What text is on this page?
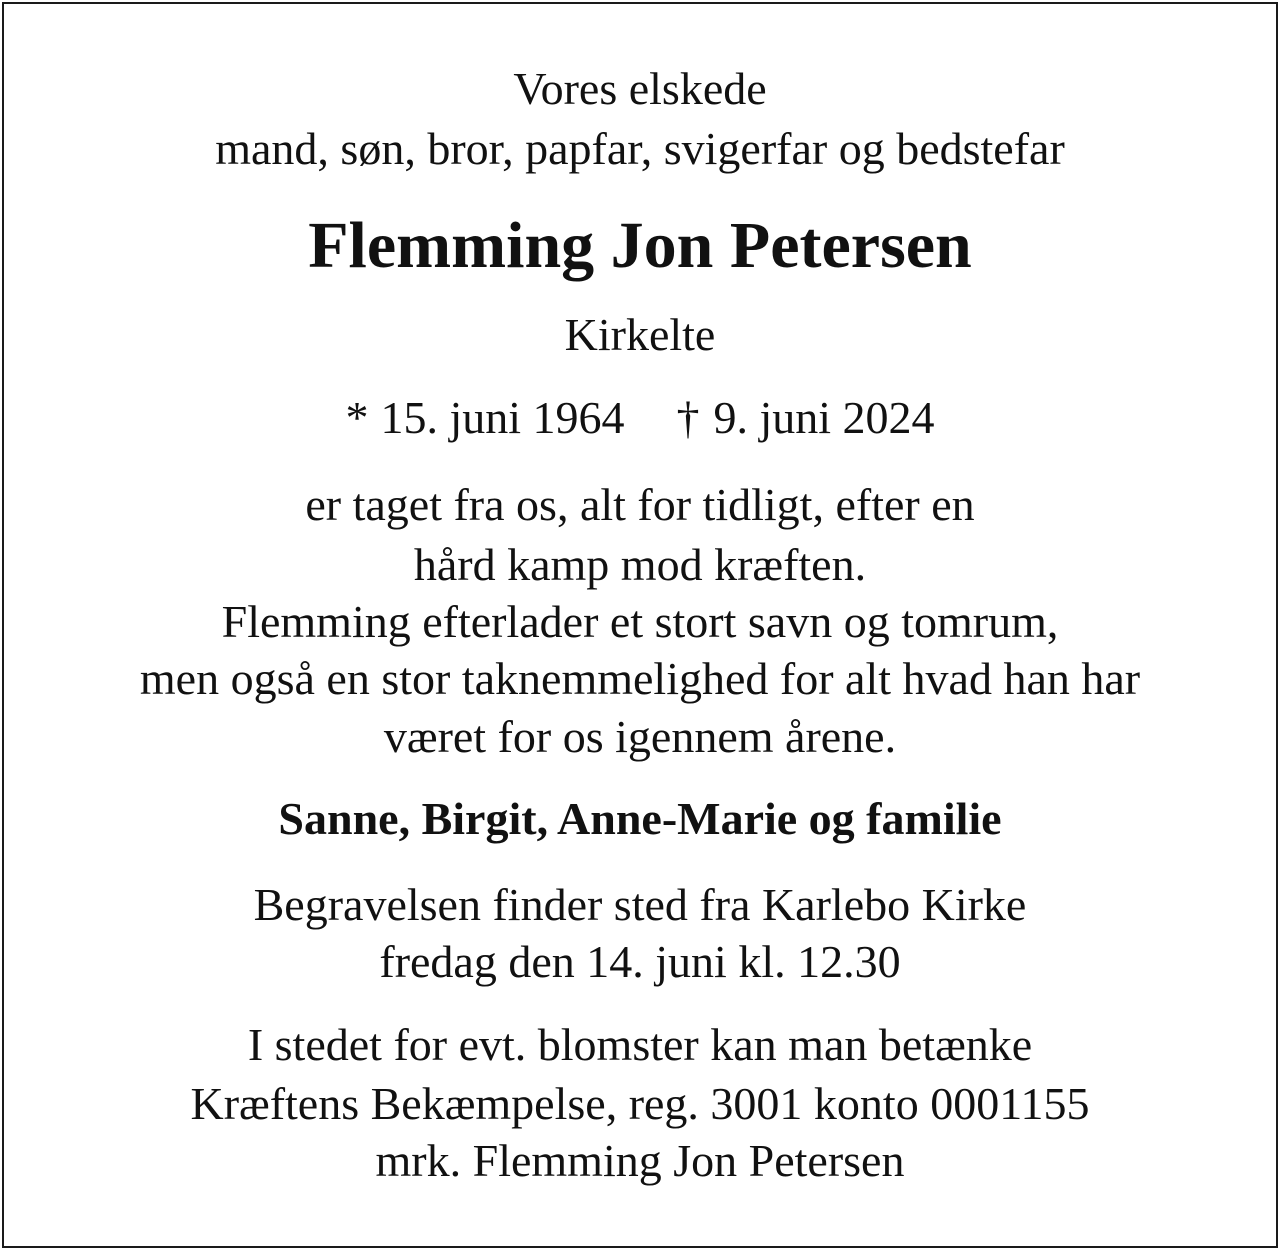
Vores elskede
mand, søn, bror, papfar, svigerfar og bedstefar
Flemming Jon Petersen
Kirkelte
* 15. juni 1964 † 9. juni 2024
er taget fra os, alt for tidligt, efter en
hård kamp mod kræften.
Flemming efterlader et stort savn og tomrum,
men også en stor taknemmelighed for alt hvad han har
været for os igennem årene.
Sanne, Birgit, Anne-Marie og familie
Begravelsen finder sted fra Karlebo Kirke
fredag den 14. juni kl. 12.30
I stedet for evt. blomster kan man betænke
Kræftens Bekæmpelse, reg. 3001 konto 0001155
mrk. Flemming Jon Petersen
